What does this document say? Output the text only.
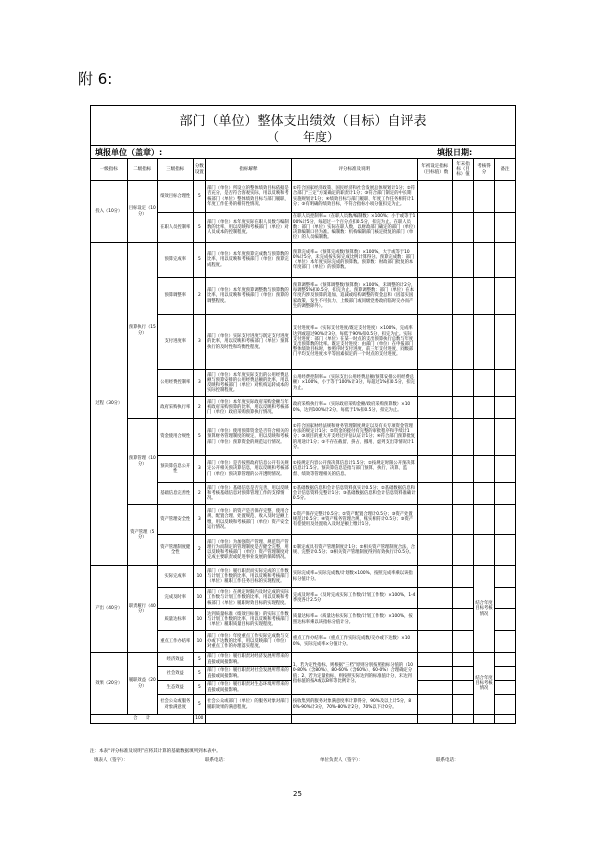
附 6:
部门（单位）整体支出绩效（目标）自评表
（　　年度）
填报单位（盖章）:	填报日期:
一级指标	二级指标	三级指标	分数设置	指标解释	评分标准及说明	年初设定指标（目标值）数	年末指标（目标）值	考核得分	备注
投入（10分）	目标设定（10分）	绩效目标合理性	5	部门（单位）所设立的整体绩效目标依据是否充分，是否符合客观实际，用以反映和考核部门（单位）整体绩效目标与部门履职、年度工作任务的相符性情况。	①符合国家经济政策、国民经济和社会发展总体规划计1分；②符合部门“三定”方案确定的职责计1分；③符合部门制定的中长期实施规划计1分；④绩效目标与部门履职、年度工作任务相符计1分；⑤有明确的绩效目标，不符合指标小项分值扣完为止。				
		在职人员控制率	5	部门（单位）本年度实际在职人员数与编制数的比率，用以反映和考核部门（单位）对人员成本的控制程度。	在职人员控制率=（在职人员数/编制数）×100%；小于或等于100%计5分，每超过一个百分点扣0.5分，扣完为止。在职人员数：部门（单位）实际在职人数，以财政部门确定的部门（单位）决算编制口径为准。编制数：机构编制部门核定批复的部门（单位）的人员编制数。				
过程（30分）	预算执行（15分）	预算完成率	5	部门（单位）本年度预算完成数与预算数的比率，用以反映和考核部门（单位）预算完成程度。	预算完成率=（预算完成数/预算数）×100%，大于或等于100%计5分，未完成按实际完成比例计算得分。预算完成数：部门（单位）本年度实际完成的预算数。预算数：财政部门批复的本年度部门（单位）的预算数。				
		预算调整率	2	部门（单位）本年度预算调整数与预算数的比率，用以反映和考核部门（单位）预算的调整程度。	预算调整率=（预算调整数/预算数）×100%，未调整的计2分，每调整5%扣0.5分，扣完为止。预算调整数：部门（单位）在本年度内涉及预算的追加、追减或结构调整的资金总和（因落实国家政策、发生不可抗力、上级部门或同级党委政府临时交办而产生的调整除外）。				
		支付进度率	3	部门（单位）实际支付进度与既定支付进度的比率，用以反映和考核部门（单位）预算执行的及时性和均衡性程度。	支付进度率=（实际支付进度/既定支付进度）×100%，完成率达到或超过90%计3分，每低于90%扣0.5分，扣完为止。实际支付进度：部门（单位）在某一时点的支出预算执行总数与年度支出预算数的比率。既定支付进度：由部门（单位）在申报部门整体绩效目标时，参照序时支付进度，前三年支付进度、同级部门平均支付进度水平等因素拟定的一个时点的支付进度。				
		公用经费控制率	3	部门（单位）本年度实际支出的公用经费总额与预算安排的公用经费总额的比率，用以反映和考核部门（单位）对机构运转成本的实际控制程度。	公用经费控制率=（实际支出公用经费总额/预算安排公用经费总额）×100%，小于等于100%计3分，每超过1%扣0.5分，扣完为止。				
		政府采购执行率	2	部门（单位）本年度实际政府采购金额与年初政府采购预算的比率，用以反映和考核部门（单位）政府采购预算执行情况。	政府采购执行率=（实际政府采购金额/政府采购预算数）×100%，达到100%计2分，每低于1%扣0.5分，扣完为止。				
	预算管理（10分）	资金使用合规性	5	部门（单位）使用预算资金是否符合相关的预算财务管理制度的规定，用以反映和考核部门（单位）预算资金的规范运行情况。	①符合国家财经法规和财务管理制度规定以及有关专项资金管理办法的规定计1分；②资金的拨付有完整的审批程序和手续计1分；③项目的重大开支经过评估认证计1分；④符合部门预算批复的用途计1分；⑤不存在截留、挤占、挪用、虚列支出等情况计1分。				
		预决算信息公开性	3	部门（单位）是否按照政府信息公开有关规定公开相关预决算信息，用以反映和考核部门（单位）预决算管理的公开透明情况。	①按规定内容公开预决算信息计1.5分；②按规定时限公开预决算信息计1.5分。预决算信息是指与部门预算、执行、决算、监督、绩效等管理相关的信息。				
		基础信息完善性	2	部门（单位）基础信息是否完善，用以反映和考核基础信息对预算管理工作的支撑情况。	①基础数据信息和会计信息资料真实计0.5分；②基础数据信息和会计信息资料完整计1分；③基础数据信息和会计信息资料准确计0.5分。				
	资产管理（5分）	资产管理安全性	3	部门（单位）的资产是否保存完整、使用合规、配置合理、处置规范、收入及时足额上缴，用以反映和考核部门（单位）资产安全运行情况。	①资产保存完整计0.5分；②资产配置合理计0.5分；③资产处置规范计0.5分；④资产账务管理合规，账实相符计0.5分；⑤资产有偿使用及处置收入及时足额上缴计1分。				
		资产管理制度健全性	2	部门（单位）为加强资产管理、规范资产管理行为而制定的管理制度是否健全完整，用以反映和考核部门（单位）资产管理制度对完成主要职责或促进事业发展的保障情况。	①制定或具有资产管理制度计1分；②相关资产管理制度合法、合规、完整计0.5分；③相关资产管理制度得到有效执行计0.5分。				
产出（40分）	职责履行（40分）	实际完成率	10	部门（单位）履行职责而实际完成的工作数与计划工作数的比率，用以反映和考核部门（单位）履职工作任务目标的实现程度。	实际完成率=实际完成数/计划数×100%，按照完成率乘以该指标分值计分。			结合年度目标考核情况	
		完成及时率	10	部门（单位）在规定时限内及时完成的实际工作数与计划工作数的比率，用以反映和考核部门（单位）履职时效目标的实现程度。	完成及时率=（及时完成实际工作数/计划工作数）×100%，1-4季度各计2.5分				
		质量达标率	10	达到质量标准（绩效目标值）的实际工作数与计划工作数的比率，用以反映和考核部门（单位）履职质量目标的实现程度。	质量达标率=（质量达标实际工作数/计划工作数）×100%，按照达标率乘以该指标分值计分。				
		重点工作办结率	10	部门（单位）年度重点工作实际完成数与交办或下达数的比率，用以反映部门（单位）对重点工作的办理落实程度。	重点工作办结率=（重点工作实际完成数/交办或下达数）×100%，实际完成率×分值计分。				
效果（20分）	履职效益（20分）	经济效益	5	部门（单位）履行职责对经济发展所带来的直接或间接影响。	1、若为定性指标，则根据“三档”原则分别按照指标分值的（100-80%（含80%）、80-60%（含60%）、60-0%）合理确定分值；2、若为定量指标，则按照实际达到的标准值计分，未达到指标值的按A或以B率等比例计分。			结合年度目标考核情况	
		社会效益	5	部门（单位）履行职责对社会发展所带来的直接或间接影响。					
		生态效益	5	部门（单位）履行职责对生态环境所带来的直接或间接影响。					
		社会公众或服务对象满意度	5	社会公众或部门（单位）的服务对象对部门履职效果的满意程度。	按收集到的服务对象满意度率计算得分，90%及以上计5分，80%-90%计3分，70%-80%计2分，70%以下计0分。				
合　　计			100						
注：本表“评分标准及说明”应将其计算的基础数据填列到本表中。
填表人（签字）：	联系电话：	单位负责人（签字）：	联系电话：
25
